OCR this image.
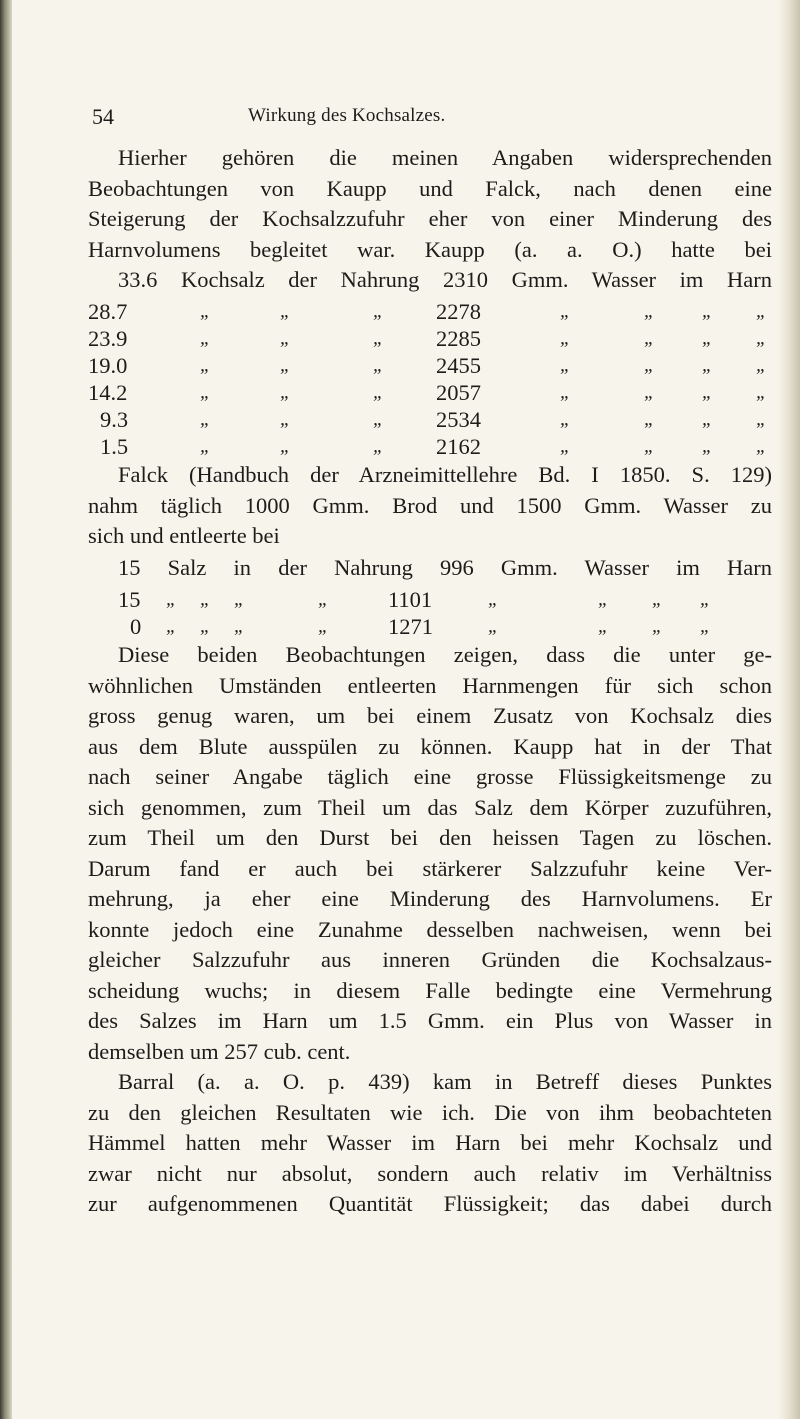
54	Wirkung des Kochsalzes.
Hierher gehören die meinen Angaben widersprechenden
Beobachtungen von Kaupp und Falck, nach denen eine
Steigerung der Kochsalzzufuhr eher von einer Minderung des
Harnvolumens begleitet war. Kaupp (a. a. O.) hatte bei
33.6 Kochsalz der Nahrung 2310 Gmm. Wasser im Harn
28.7	„	„	„ 2278	„	„ „ „
23.9	„	„	„ 2285	„	„ „ „
19.0	„	„	„ 2455	„	„ „ „
14.2	„	„	„ 2057	„	„ „ „
9.3	„	„	„ 2534	„	„ „ „
1.5	„	„	„ 2162	„	„ „ „
Falck (Handbuch der Arzneimittellehre Bd. I 1850. S. 129)
nahm täglich 1000 Gmm. Brod und 1500 Gmm. Wasser zu
sich und entleerte bei
15 Salz in der Nahrung 996 Gmm. Wasser im Harn
15 „ „ „	„	1101	„	„ „ „
0 „ „ „	„	1271	„	„ „ „
Diese beiden Beobachtungen zeigen, dass die unter ge-
wöhnlichen Umständen entleerten Harnmengen für sich schon
gross genug waren, um bei einem Zusatz von Kochsalz dies
aus dem Blute ausspülen zu können. Kaupp hat in der That
nach seiner Angabe täglich eine grosse Flüssigkeitsmenge zu
sich genommen, zum Theil um das Salz dem Körper zuzuführen,
zum Theil um den Durst bei den heissen Tagen zu löschen.
Darum fand er auch bei stärkerer Salzzufuhr keine Ver-
mehrung, ja eher eine Minderung des Harnvolumens. Er
konnte jedoch eine Zunahme desselben nachweisen, wenn bei
gleicher Salzzufuhr aus inneren Gründen die Kochsalzaus-
scheidung wuchs; in diesem Falle bedingte eine Vermehrung
des Salzes im Harn um 1.5 Gmm. ein Plus von Wasser in
demselben um 257 cub. cent.
Barral (a. a. O. p. 439) kam in Betreff dieses Punktes
zu den gleichen Resultaten wie ich. Die von ihm beobachteten
Hämmel hatten mehr Wasser im Harn bei mehr Kochsalz und
zwar nicht nur absolut, sondern auch relativ im Verhältniss
zur aufgenommenen Quantität Flüssigkeit; das dabei durch
